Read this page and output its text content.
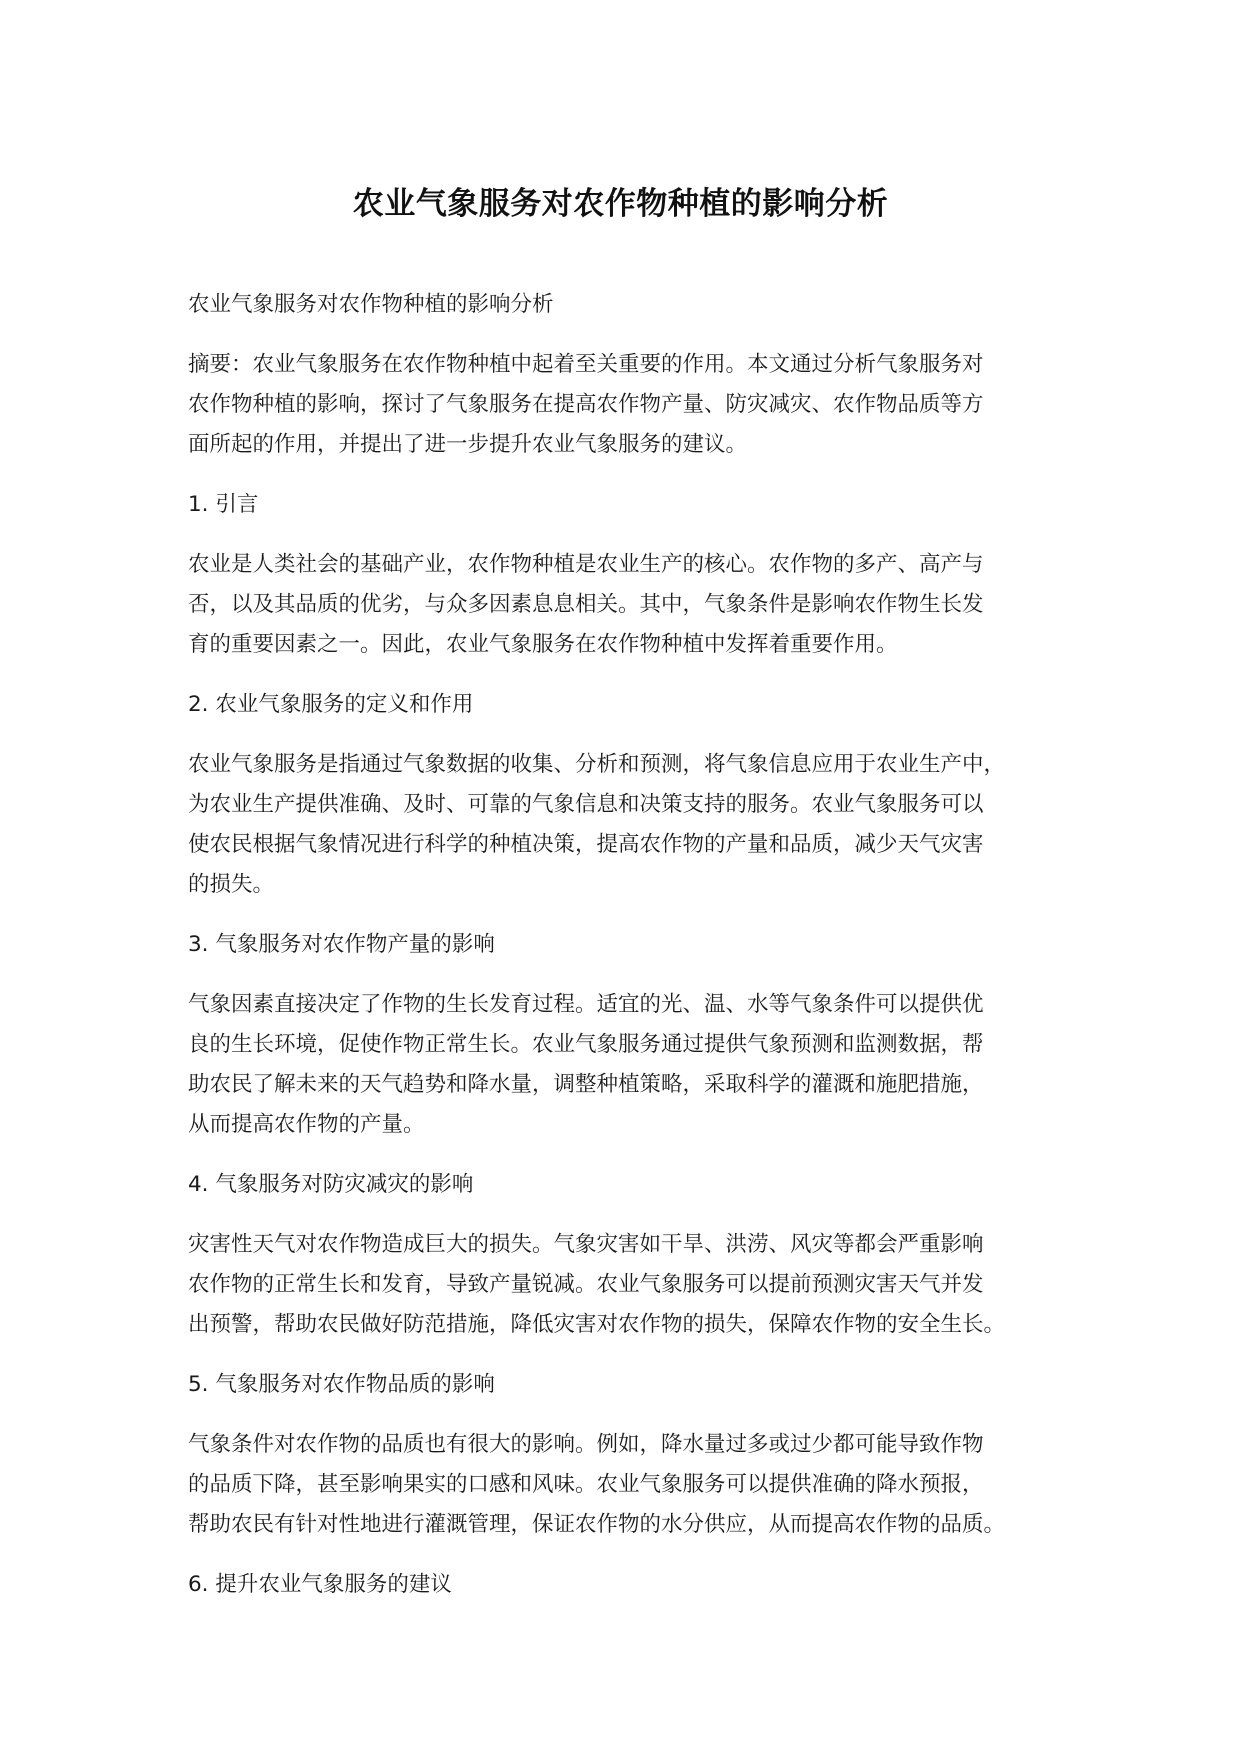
农业气象服务对农作物种植的影响分析

农业气象服务对农作物种植的影响分析

摘要：农业气象服务在农作物种植中起着至关重要的作用。本文通过分析气象服务对
农作物种植的影响，探讨了气象服务在提高农作物产量、防灾减灾、农作物品质等方
面所起的作用，并提出了进一步提升农业气象服务的建议。

1. 引言

农业是人类社会的基础产业，农作物种植是农业生产的核心。农作物的多产、高产与
否，以及其品质的优劣，与众多因素息息相关。其中，气象条件是影响农作物生长发
育的重要因素之一。因此，农业气象服务在农作物种植中发挥着重要作用。

2. 农业气象服务的定义和作用

农业气象服务是指通过气象数据的收集、分析和预测，将气象信息应用于农业生产中，
为农业生产提供准确、及时、可靠的气象信息和决策支持的服务。农业气象服务可以
使农民根据气象情况进行科学的种植决策，提高农作物的产量和品质，减少天气灾害
的损失。

3. 气象服务对农作物产量的影响

气象因素直接决定了作物的生长发育过程。适宜的光、温、水等气象条件可以提供优
良的生长环境，促使作物正常生长。农业气象服务通过提供气象预测和监测数据，帮
助农民了解未来的天气趋势和降水量，调整种植策略，采取科学的灌溉和施肥措施，
从而提高农作物的产量。

4. 气象服务对防灾减灾的影响

灾害性天气对农作物造成巨大的损失。气象灾害如干旱、洪涝、风灾等都会严重影响
农作物的正常生长和发育，导致产量锐减。农业气象服务可以提前预测灾害天气并发
出预警，帮助农民做好防范措施，降低灾害对农作物的损失，保障农作物的安全生长。

5. 气象服务对农作物品质的影响

气象条件对农作物的品质也有很大的影响。例如，降水量过多或过少都可能导致作物
的品质下降，甚至影响果实的口感和风味。农业气象服务可以提供准确的降水预报，
帮助农民有针对性地进行灌溉管理，保证农作物的水分供应，从而提高农作物的品质。

6. 提升农业气象服务的建议
